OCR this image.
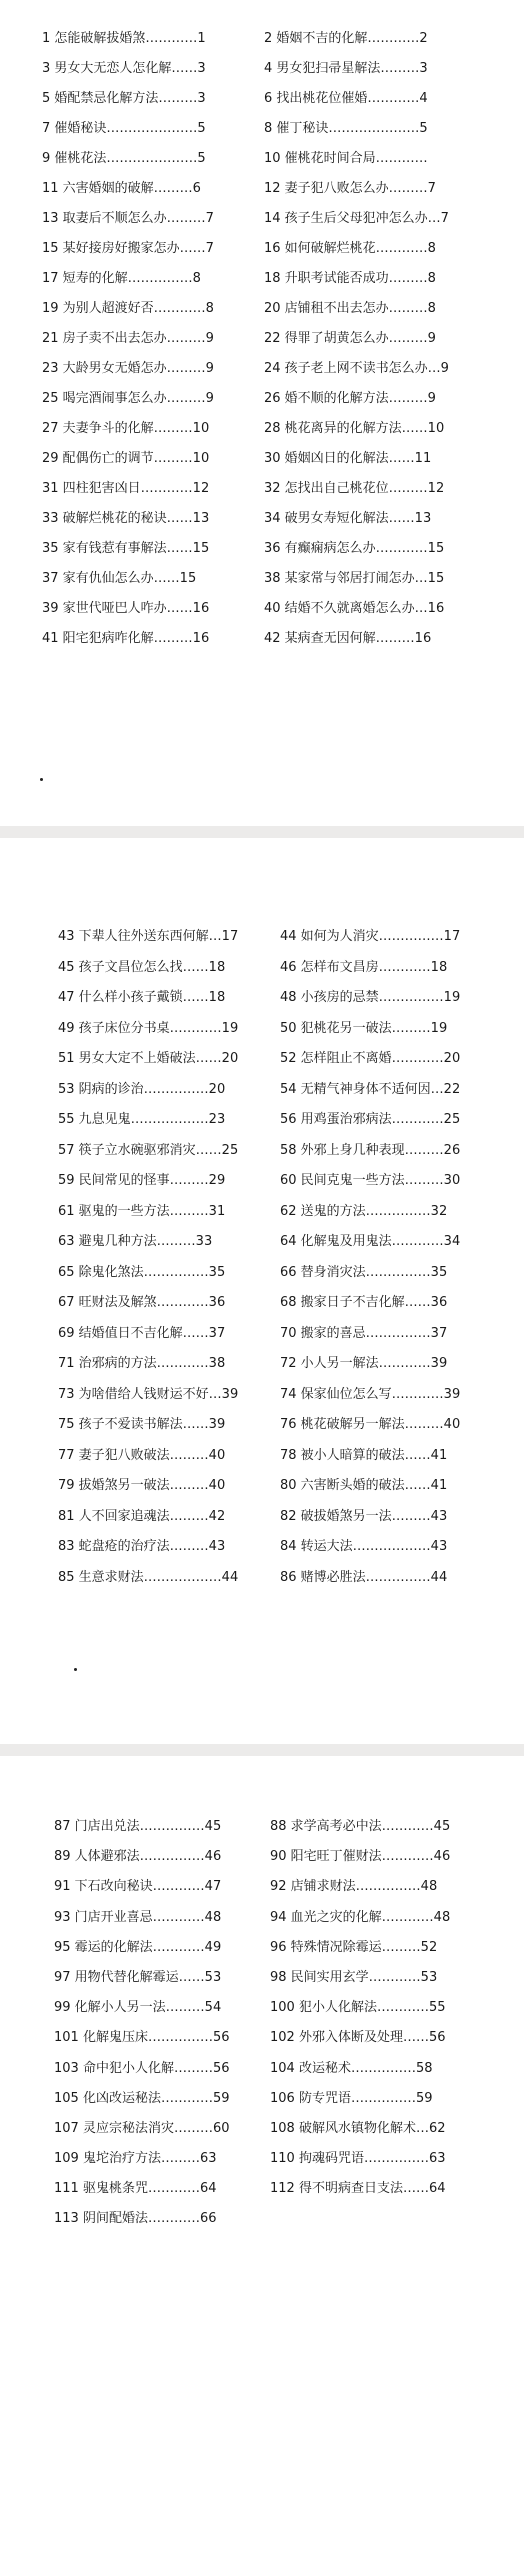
1 怎能破解拔婚煞…………1	2 婚姻不吉的化解…………2
3 男女大无恋人怎化解……3	4 男女犯扫帚星解法………3
5 婚配禁忌化解方法………3	6 找出桃花位催婚…………4
7 催婚秘诀…………………5	8 催丁秘诀…………………5
9 催桃花法…………………5	10 催桃花时间合局…………
11 六害婚姻的破解………6	12 妻子犯八败怎么办………7
13 取妻后不顺怎么办………7	14 孩子生后父母犯冲怎么办…7
15 某好接房好搬家怎办……7	16 如何破解烂桃花…………8
17 短寿的化解……………8	18 升职考试能否成功………8
19 为别人超渡好否…………8	20 店铺租不出去怎办………8
21 房子卖不出去怎办………9	22 得罪了胡黄怎么办………9
23 大龄男女无婚怎办………9	24 孩子老上网不读书怎么办…9
25 喝完酒闹事怎么办………9	26 婚不顺的化解方法………9
27 夫妻争斗的化解………10	28 桃花离异的化解方法……10
29 配偶伤亡的调节………10	30 婚姻凶日的化解法……11
31 四柱犯害凶日…………12	32 怎找出自己桃花位………12
33 破解烂桃花的秘诀……13	34 破男女寿短化解法……13
35 家有钱惹有事解法……15	36 有癫痫病怎么办…………15
37 家有仇仙怎么办……15	38 某家常与邻居打闹怎办…15
39 家世代哑巴人咋办……16	40 结婚不久就离婚怎么办…16
41 阳宅犯病咋化解………16	42 某病查无因何解………16
43 下辈人往外送东西何解…17	44 如何为人消灾……………17
45 孩子文昌位怎么找……18	46 怎样布文昌房…………18
47 什么样小孩子戴锁……18	48 小孩房的忌禁……………19
49 孩子床位分书桌…………19	50 犯桃花另一破法………19
51 男女大定不上婚破法……20	52 怎样阻止不离婚…………20
53 阴病的诊治……………20	54 无精气神身体不适何因…22
55 九息见鬼………………23	56 用鸡蛋治邪病法…………25
57 筷子立水碗驱邪消灾……25	58 外邪上身几种表现………26
59 民间常见的怪事………29	60 民间克鬼一些方法………30
61 驱鬼的一些方法………31	62 送鬼的方法……………32
63 避鬼几种方法………33	64 化解鬼及用鬼法…………34
65 除鬼化煞法……………35	66 替身消灾法……………35
67 旺财法及解煞…………36	68 搬家日子不吉化解……36
69 结婚值日不吉化解……37	70 搬家的喜忌……………37
71 治邪病的方法…………38	72 小人另一解法…………39
73 为啥借给人钱财运不好…39	74 保家仙位怎么写…………39
75 孩子不爱读书解法……39	76 桃花破解另一解法………40
77 妻子犯八败破法………40	78 被小人暗算的破法……41
79 拔婚煞另一破法………40	80 六害断头婚的破法……41
81 人不回家追魂法………42	82 破拔婚煞另一法………43
83 蛇盘疮的治疗法………43	84 转运大法………………43
85 生意求财法………………44	86 赌博必胜法……………44
87 门店出兑法……………45	88 求学高考必中法…………45
89 人体避邪法……………46	90 阳宅旺丁催财法…………46
91 下石改向秘诀…………47	92 店铺求财法……………48
93 门店开业喜忌…………48	94 血光之灾的化解…………48
95 霉运的化解法…………49	96 特殊情况除霉运………52
97 用物代替化解霉运……53	98 民间实用玄学…………53
99 化解小人另一法………54	100 犯小人化解法…………55
101 化解鬼压床……………56	102 外邪入体断及处理……56
103 命中犯小人化解………56	104 改运秘术……………58
105 化凶改运秘法…………59	106 防专咒语……………59
107 灵应宗秘法消灾………60	108 破解风水镇物化解术…62
109 鬼坨治疗方法………63	110 拘魂码咒语……………63
111 驱鬼桃条咒…………64	112 得不明病查日支法……64
113 阴间配婚法…………66
